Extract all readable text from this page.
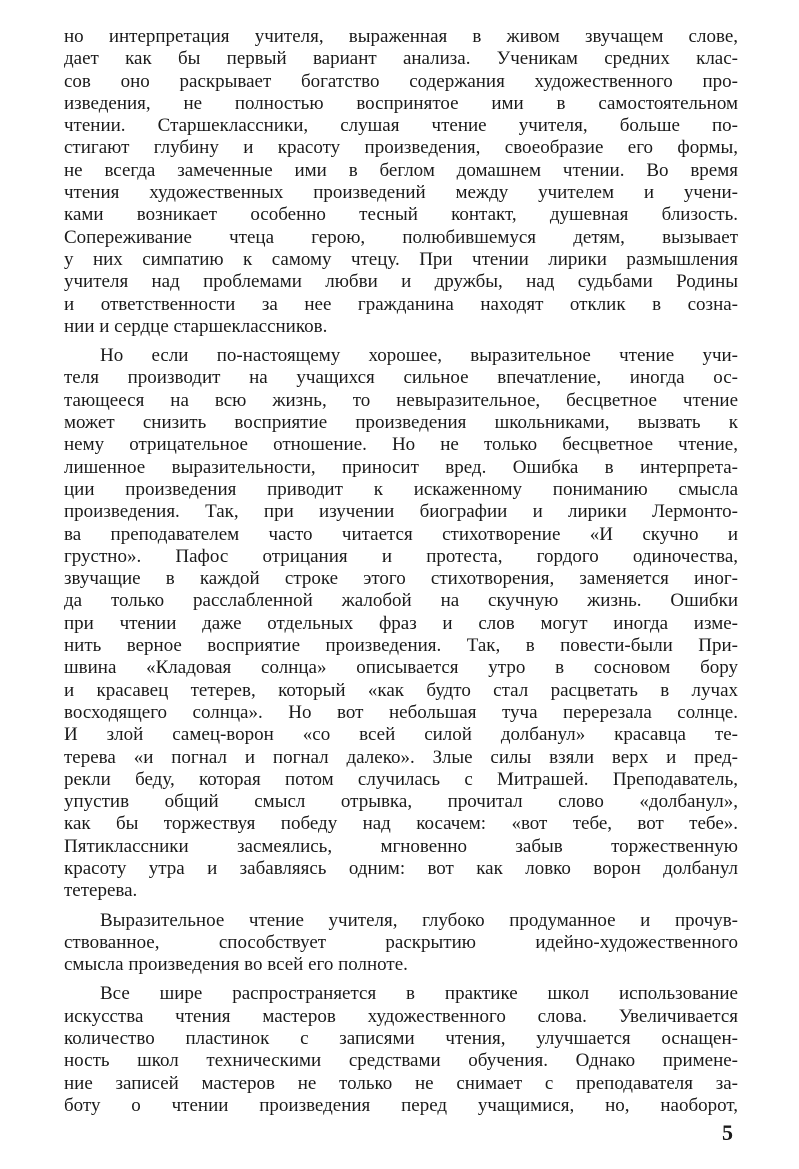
но интерпретация учителя, выраженная в живом звучащем слове,
дает как бы первый вариант анализа. Ученикам средних клас-
сов оно раскрывает богатство содержания художественного про-
изведения, не полностью воспринятое ими в самостоятельном
чтении. Старшеклассники, слушая чтение учителя, больше по-
стигают глубину и красоту произведения, своеобразие его формы,
не всегда замеченные ими в беглом домашнем чтении. Во время
чтения художественных произведений между учителем и учени-
ками возникает особенно тесный контакт, душевная близость.
Сопереживание чтеца герою, полюбившемуся детям, вызывает
у них симпатию к самому чтецу. При чтении лирики размышления
учителя над проблемами любви и дружбы, над судьбами Родины
и ответственности за нее гражданина находят отклик в созна-
нии и сердце старшеклассников.
Но если по-настоящему хорошее, выразительное чтение учи-
теля производит на учащихся сильное впечатление, иногда ос-
тающееся на всю жизнь, то невыразительное, бесцветное чтение
может снизить восприятие произведения школьниками, вызвать к
нему отрицательное отношение. Но не только бесцветное чтение,
лишенное выразительности, приносит вред. Ошибка в интерпрета-
ции произведения приводит к искаженному пониманию смысла
произведения. Так, при изучении биографии и лирики Лермонто-
ва преподавателем часто читается стихотворение «И скучно и
грустно». Пафос отрицания и протеста, гордого одиночества,
звучащие в каждой строке этого стихотворения, заменяется иног-
да только расслабленной жалобой на скучную жизнь. Ошибки
при чтении даже отдельных фраз и слов могут иногда изме-
нить верное восприятие произведения. Так, в повести-были При-
швина «Кладовая солнца» описывается утро в сосновом бору
и красавец тетерев, который «как будто стал расцветать в лучах
восходящего солнца». Но вот небольшая туча перерезала солнце.
И злой самец-ворон «со всей силой долбанул» красавца те-
терева «и погнал и погнал далеко». Злые силы взяли верх и пред-
рекли беду, которая потом случилась с Митрашей. Преподаватель,
упустив общий смысл отрывка, прочитал слово «долбанул»,
как бы торжествуя победу над косачем: «вот тебе, вот тебе».
Пятиклассники засмеялись, мгновенно забыв торжественную
красоту утра и забавляясь одним: вот как ловко ворон долбанул
тетерева.
Выразительное чтение учителя, глубоко продуманное и прочув-
ствованное, способствует раскрытию идейно-художественного
смысла произведения во всей его полноте.
Все шире распространяется в практике школ использование
искусства чтения мастеров художественного слова. Увеличивается
количество пластинок с записями чтения, улучшается оснащен-
ность школ техническими средствами обучения. Однако примене-
ние записей мастеров не только не снимает с преподавателя за-
боту о чтении произведения перед учащимися, но, наоборот,
5
